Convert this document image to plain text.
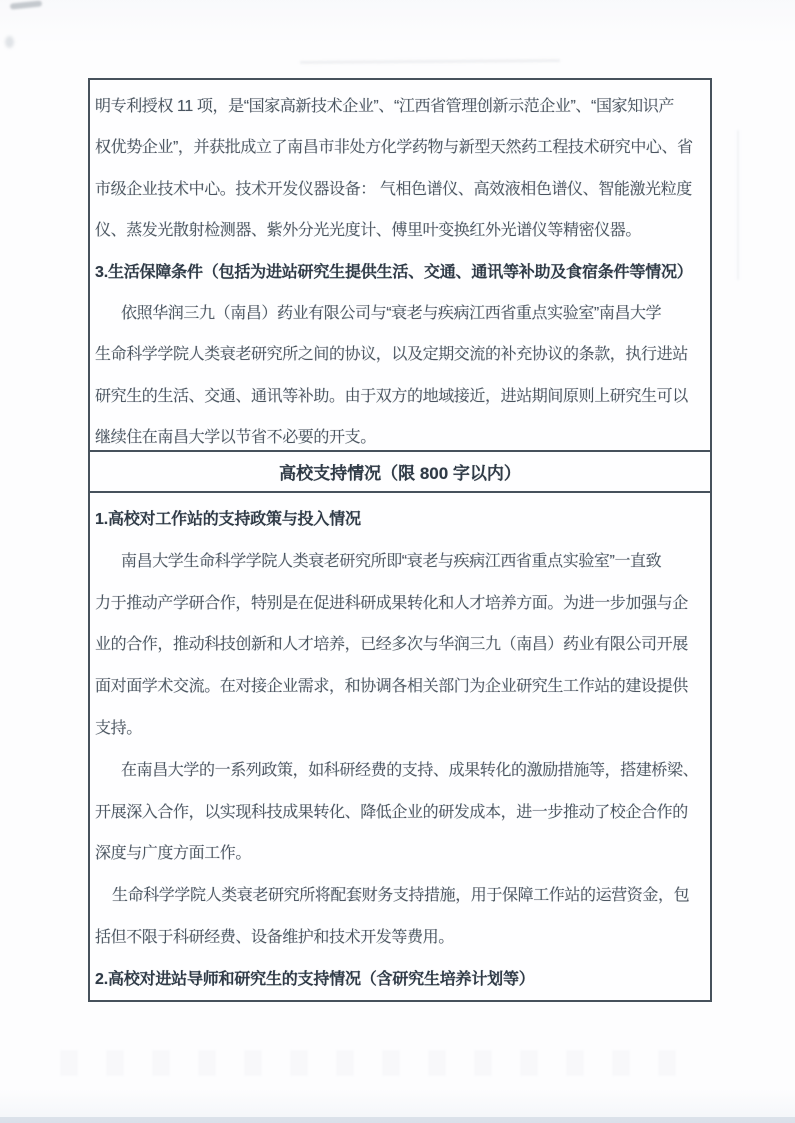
明专利授权 11 项，是“国家高新技术企业”、“江西省管理创新示范企业”、“国家知识产
权优势企业”，并获批成立了南昌市非处方化学药物与新型天然药工程技术研究中心、省
市级企业技术中心。技术开发仪器设备： 气相色谱仪、高效液相色谱仪、智能激光粒度
仪、蒸发光散射检测器、紫外分光光度计、傅里叶变换红外光谱仪等精密仪器。
3.生活保障条件（包括为进站研究生提供生活、交通、通讯等补助及食宿条件等情况）
依照华润三九（南昌）药业有限公司与“衰老与疾病江西省重点实验室”南昌大学
生命科学学院人类衰老研究所之间的协议，以及定期交流的补充协议的条款，执行进站
研究生的生活、交通、通讯等补助。由于双方的地域接近，进站期间原则上研究生可以
继续住在南昌大学以节省不必要的开支。
高校支持情况（限 800 字以内）
1.高校对工作站的支持政策与投入情况
南昌大学生命科学学院人类衰老研究所即“衰老与疾病江西省重点实验室”一直致
力于推动产学研合作，特别是在促进科研成果转化和人才培养方面。为进一步加强与企
业的合作，推动科技创新和人才培养，已经多次与华润三九（南昌）药业有限公司开展
面对面学术交流。在对接企业需求，和协调各相关部门为企业研究生工作站的建设提供
支持。
在南昌大学的一系列政策，如科研经费的支持、成果转化的激励措施等，搭建桥梁、
开展深入合作，以实现科技成果转化、降低企业的研发成本，进一步推动了校企合作的
深度与广度方面工作。
生命科学学院人类衰老研究所将配套财务支持措施，用于保障工作站的运营资金，包
括但不限于科研经费、设备维护和技术开发等费用。
2.高校对进站导师和研究生的支持情况（含研究生培养计划等）
